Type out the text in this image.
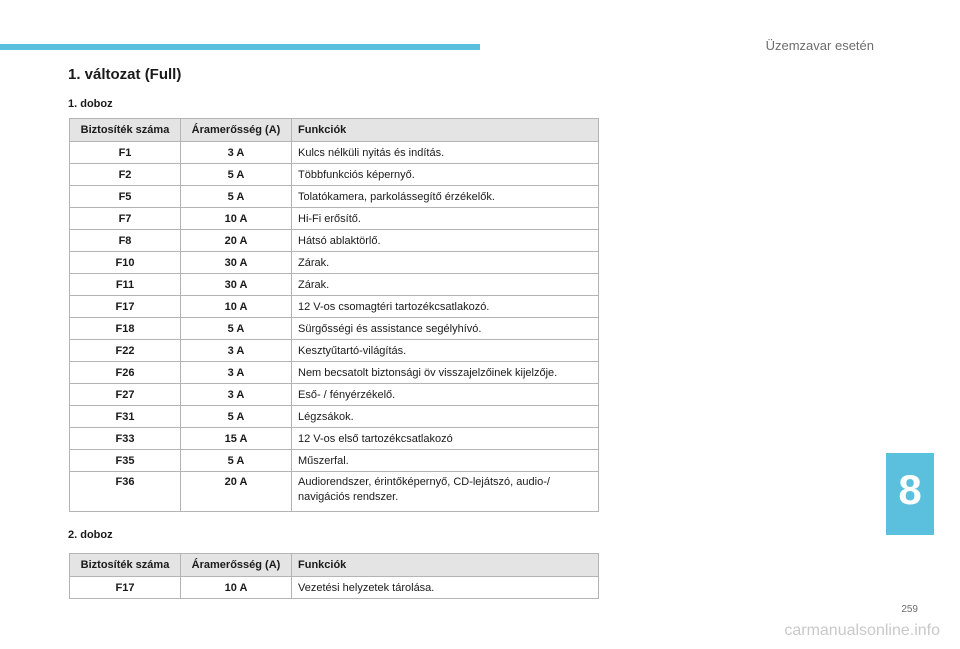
Üzemzavar esetén
1. változat (Full)
1. doboz
Biztosíték száma	Áramerősség (A)	Funkciók
F1	3 A	Kulcs nélküli nyitás és indítás.
F2	5 A	Többfunkciós képernyő.
F5	5 A	Tolatókamera, parkolássegítő érzékelők.
F7	10 A	Hi-Fi erősítő.
F8	20 A	Hátsó ablaktörlő.
F10	30 A	Zárak.
F11	30 A	Zárak.
F17	10 A	12 V-os csomagtéri tartozékcsatlakozó.
F18	5 A	Sürgősségi és assistance segélyhívó.
F22	3 A	Kesztyűtartó-világítás.
F26	3 A	Nem becsatolt biztonsági öv visszajelzőinek kijelzője.
F27	3 A	Eső- / fényérzékelő.
F31	5 A	Légzsákok.
F33	15 A	12 V-os első tartozékcsatlakozó
F35	5 A	Műszerfal.
F36	20 A	Audiorendszer, érintőképernyő, CD-lejátszó, audio-/ navigációs rendszer.
2. doboz
Biztosíték száma	Áramerősség (A)	Funkciók
F17	10 A	Vezetési helyzetek tárolása.
8
259
carmanualsonline.info
